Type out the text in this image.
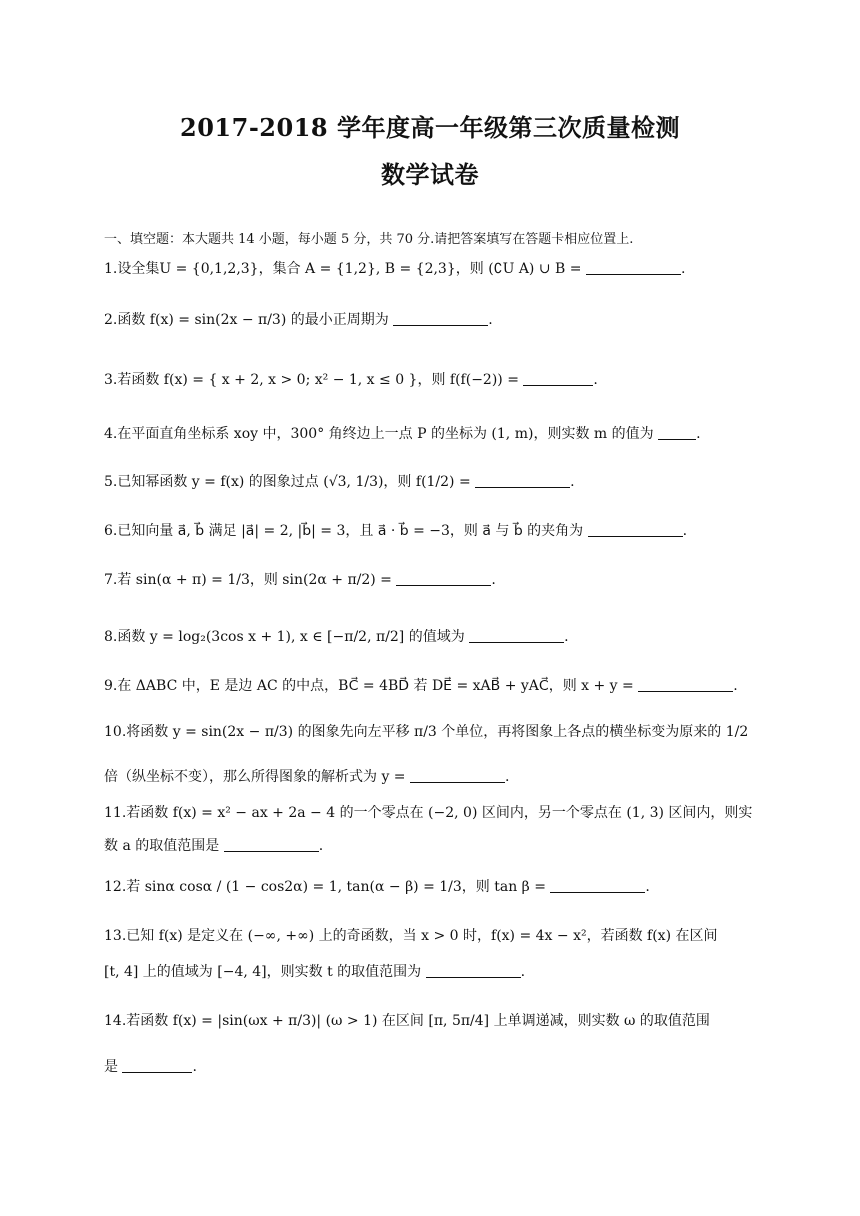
2017-2018 学年度高一年级第三次质量检测
数学试卷
一、填空题：本大题共 14 小题，每小题 5 分，共 70 分.请把答案填写在答题卡相应位置上.
1.设全集U = {0,1,2,3}，集合 A = {1,2}, B = {2,3}，则 (∁U A) ∪ B =	.
2.函数 f(x) = sin(2x − π/3) 的最小正周期为	.
3.若函数 f(x) = { x + 2, x > 0; x² − 1, x ≤ 0 }，则 f(f(−2)) =	.
4.在平面直角坐标系 xoy 中，300° 角终边上一点 P 的坐标为 (1, m)，则实数 m 的值为	.
5.已知幂函数 y = f(x) 的图象过点 (√3, 1/3)，则 f(1/2) =	.
6.已知向量 a⃗, b⃗ 满足 |a⃗| = 2, |b⃗| = 3，且 a⃗ · b⃗ = −3，则 a⃗ 与 b⃗ 的夹角为	.
7.若 sin(α + π) = 1/3，则 sin(2α + π/2) =	.
8.函数 y = log₂(3cos x + 1), x ∈ [−π/2, π/2] 的值域为	.
9.在 ΔABC 中，E 是边 AC 的中点，BC⃗ = 4BD⃗ 若 DE⃗ = xAB⃗ + yAC⃗，则 x + y =	.
10.将函数 y = sin(2x − π/3) 的图象先向左平移 π/3 个单位，再将图象上各点的横坐标变为原来的 1/2
倍（纵坐标不变），那么所得图象的解析式为 y =	.
11.若函数 f(x) = x² − ax + 2a − 4 的一个零点在 (−2, 0) 区间内，另一个零点在 (1, 3) 区间内，则实
数 a 的取值范围是	.
12.若 sinα cosα / (1 − cos2α) = 1, tan(α − β) = 1/3，则 tan β =	.
13.已知 f(x) 是定义在 (−∞, +∞) 上的奇函数，当 x > 0 时，f(x) = 4x − x²，若函数 f(x) 在区间
[t, 4] 上的值域为 [−4, 4]，则实数 t 的取值范围为	.
14.若函数 f(x) = |sin(ωx + π/3)| (ω > 1) 在区间 [π, 5π/4] 上单调递减，则实数 ω 的取值范围
是	.
